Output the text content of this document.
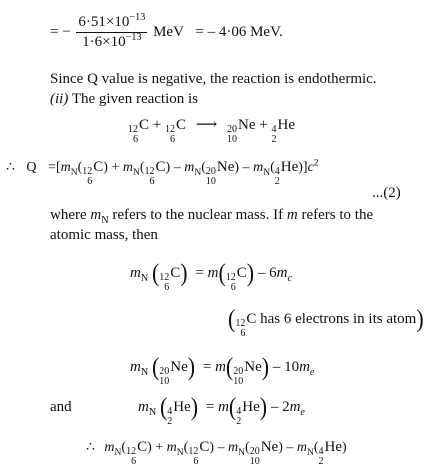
= − $\frac{6\cdot 51\times 10^{-13}}{1\cdot 6\times 10^{-13}}$ MeV = – 4·06 MeV.
Since Q value is negative, the reaction is endothermic.
(ii) The given reaction is
12
6
C + 12
6
C ⟶ 20
10
Ne + 4
2
He
∴ $Q =[m_N$( 12
6
C ) + $m_N$( 12
6
C ) – $m_N$( 20
10
Ne ) – $m_N$( 4
2
He )]$c^2$
...(2)
where $m_N$ refers to the nuclear mass. If m refers to the
atomic mass, then
$m_N$ ( 12
6
C ) = m( 12
6
C ) – $6m_c$
( 12
6
C has 6 electrons in its atom)
$m_N$ ( 20
10
Ne ) = m( 20
10
Ne ) – $10m_e$
and	$m_N$ ( 4
2
He ) = m( 4
2
He ) – $2m_e$
∴ $m_N$( 12
6
C ) + $m_N$( 12
6
C ) – $m_N$( 20
10
Ne ) – $m_N$( 4
2
He )
